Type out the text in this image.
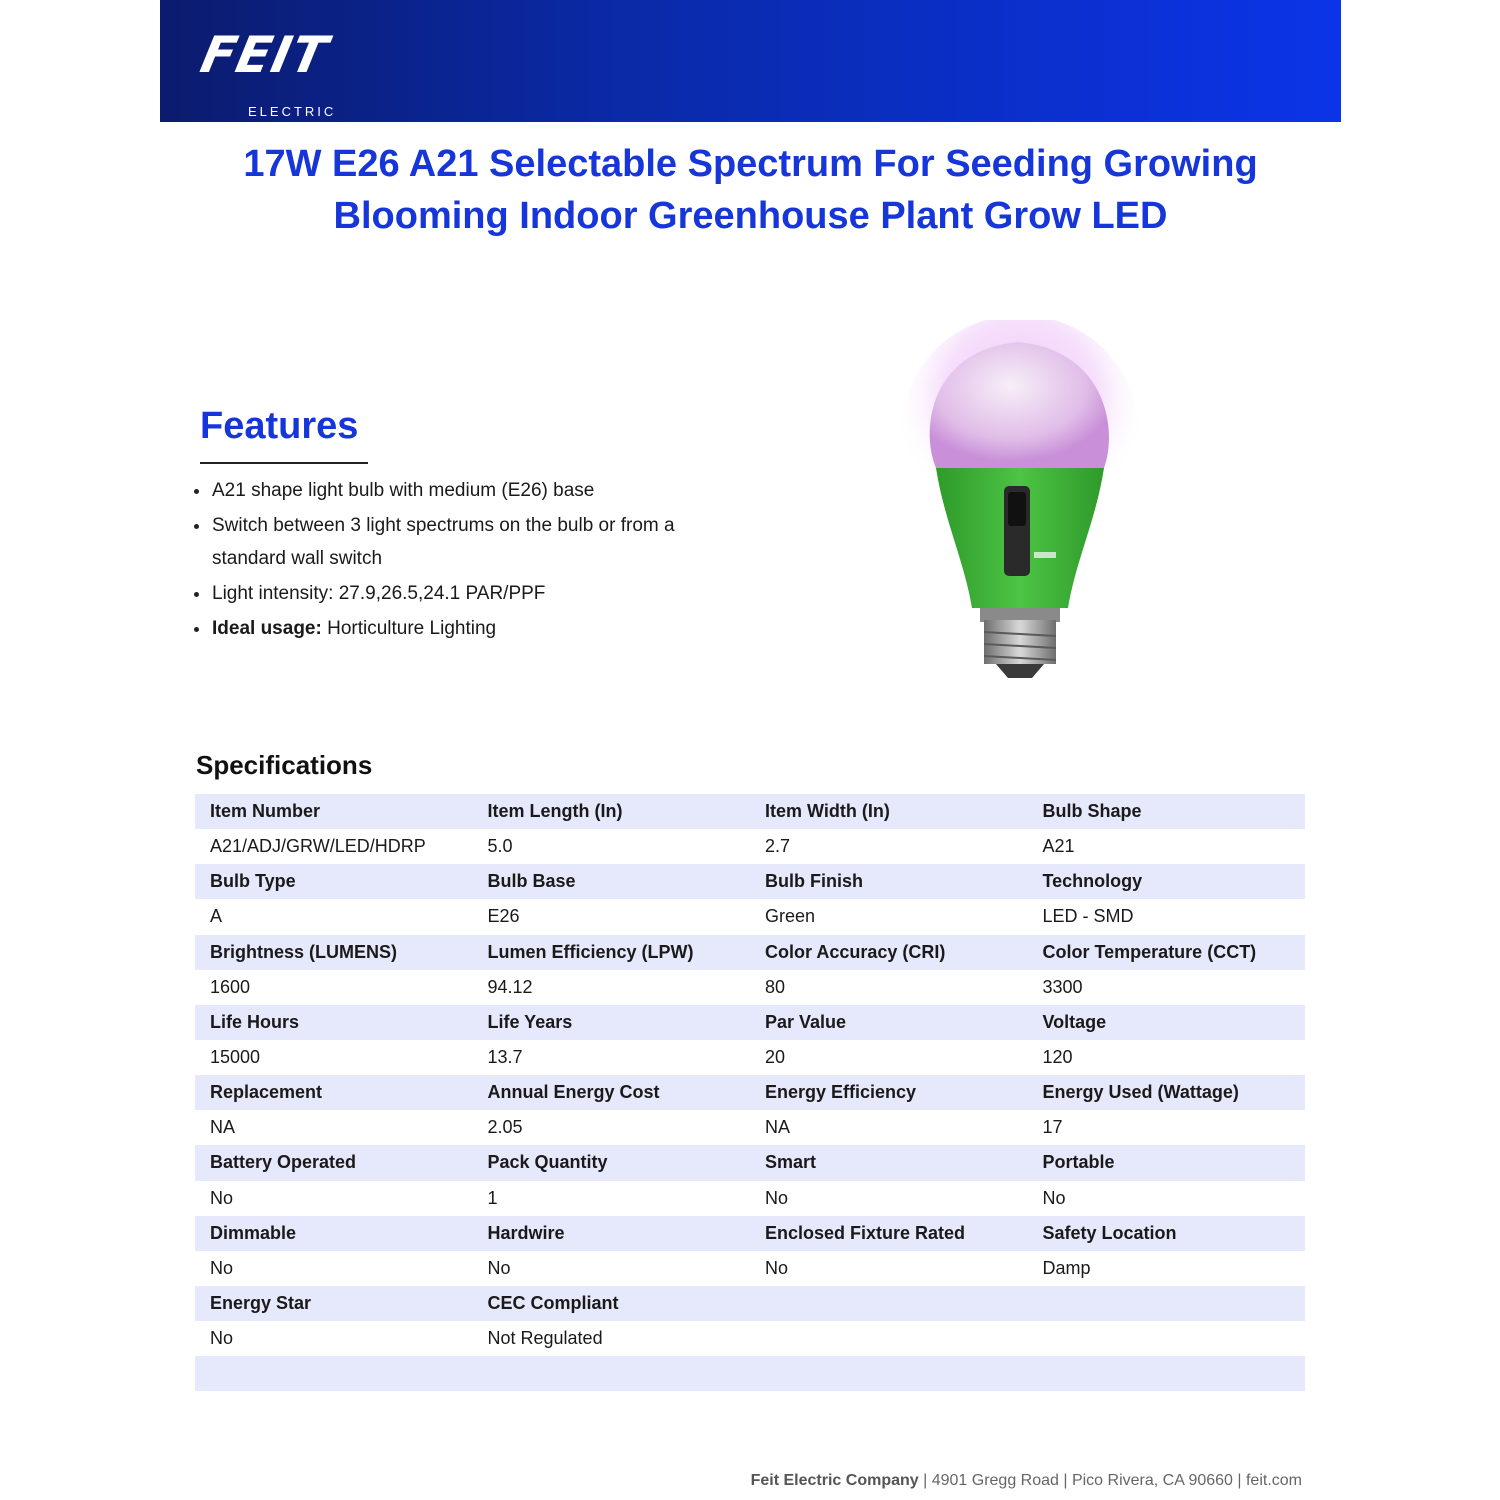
FEIT
ELECTRIC
17W E26 A21 Selectable Spectrum For Seeding Growing
Blooming Indoor Greenhouse Plant Grow LED
Features
A21 shape light bulb with medium (E26) base
Switch between 3 light spectrums on the bulb or from a standard wall switch
Light intensity: 27.9,26.5,24.1 PAR/PPF
Ideal usage: Horticulture Lighting
Specifications
Item Number	Item Length (In)	Item Width (In)	Bulb Shape
A21/ADJ/GRW/LED/HDRP	5.0	2.7	A21
Bulb Type	Bulb Base	Bulb Finish	Technology
A	E26	Green	LED - SMD
Brightness (LUMENS)	Lumen Efficiency (LPW)	Color Accuracy (CRI)	Color Temperature (CCT)
1600	94.12	80	3300
Life Hours	Life Years	Par Value	Voltage
15000	13.7	20	120
Replacement	Annual Energy Cost	Energy Efficiency	Energy Used (Wattage)
NA	2.05	NA	17
Battery Operated	Pack Quantity	Smart	Portable
No	1	No	No
Dimmable	Hardwire	Enclosed Fixture Rated	Safety Location
No	No	No	Damp
Energy Star	CEC Compliant
No	Not Regulated
Feit Electric Company | 4901 Gregg Road | Pico Rivera, CA 90660 | feit.com
